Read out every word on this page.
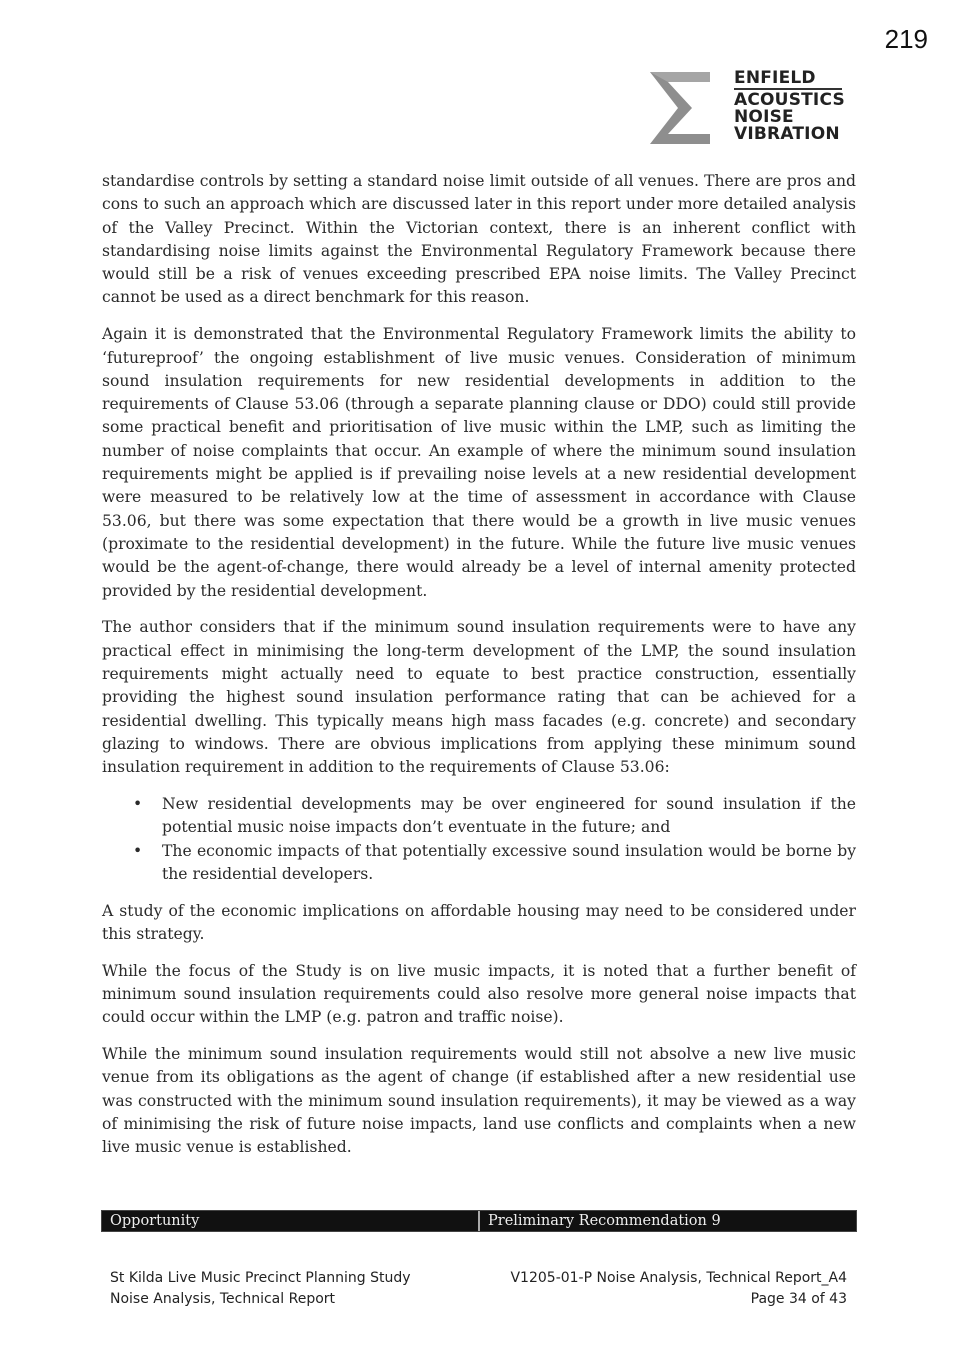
219
ENFIELD
ACOUSTICS
NOISE
VIBRATION

standardise controls by setting a standard noise limit outside of all venues. There are pros and cons to such an approach which are discussed later in this report under more detailed analysis of the Valley Precinct. Within the Victorian context, there is an inherent conflict with standardising noise limits against the Environmental Regulatory Framework because there would still be a risk of venues exceeding prescribed EPA noise limits. The Valley Precinct cannot be used as a direct benchmark for this reason.

Again it is demonstrated that the Environmental Regulatory Framework limits the ability to ‘futureproof’ the ongoing establishment of live music venues. Consideration of minimum sound insulation requirements for new residential developments in addition to the requirements of Clause 53.06 (through a separate planning clause or DDO) could still provide some practical benefit and prioritisation of live music within the LMP, such as limiting the number of noise complaints that occur. An example of where the minimum sound insulation requirements might be applied is if prevailing noise levels at a new residential development were measured to be relatively low at the time of assessment in accordance with Clause 53.06, but there was some expectation that there would be a growth in live music venues (proximate to the residential development) in the future. While the future live music venues would be the agent-of-change, there would already be a level of internal amenity protected provided by the residential development.

The author considers that if the minimum sound insulation requirements were to have any practical effect in minimising the long-term development of the LMP, the sound insulation requirements might actually need to equate to best practice construction, essentially providing the highest sound insulation performance rating that can be achieved for a residential dwelling. This typically means high mass facades (e.g. concrete) and secondary glazing to windows. There are obvious implications from applying these minimum sound insulation requirement in addition to the requirements of Clause 53.06:

• New residential developments may be over engineered for sound insulation if the potential music noise impacts don’t eventuate in the future; and
• The economic impacts of that potentially excessive sound insulation would be borne by the residential developers.

A study of the economic implications on affordable housing may need to be considered under this strategy.

While the focus of the Study is on live music impacts, it is noted that a further benefit of minimum sound insulation requirements could also resolve more general noise impacts that could occur within the LMP (e.g. patron and traffic noise).

While the minimum sound insulation requirements would still not absolve a new live music venue from its obligations as the agent of change (if established after a new residential use was constructed with the minimum sound insulation requirements), it may be viewed as a way of minimising the risk of future noise impacts, land use conflicts and complaints when a new live music venue is established.

Opportunity	Preliminary Recommendation 9
St Kilda Live Music Precinct Planning Study
Noise Analysis, Technical Report
V1205-01-P Noise Analysis, Technical Report_A4
Page 34 of 43
